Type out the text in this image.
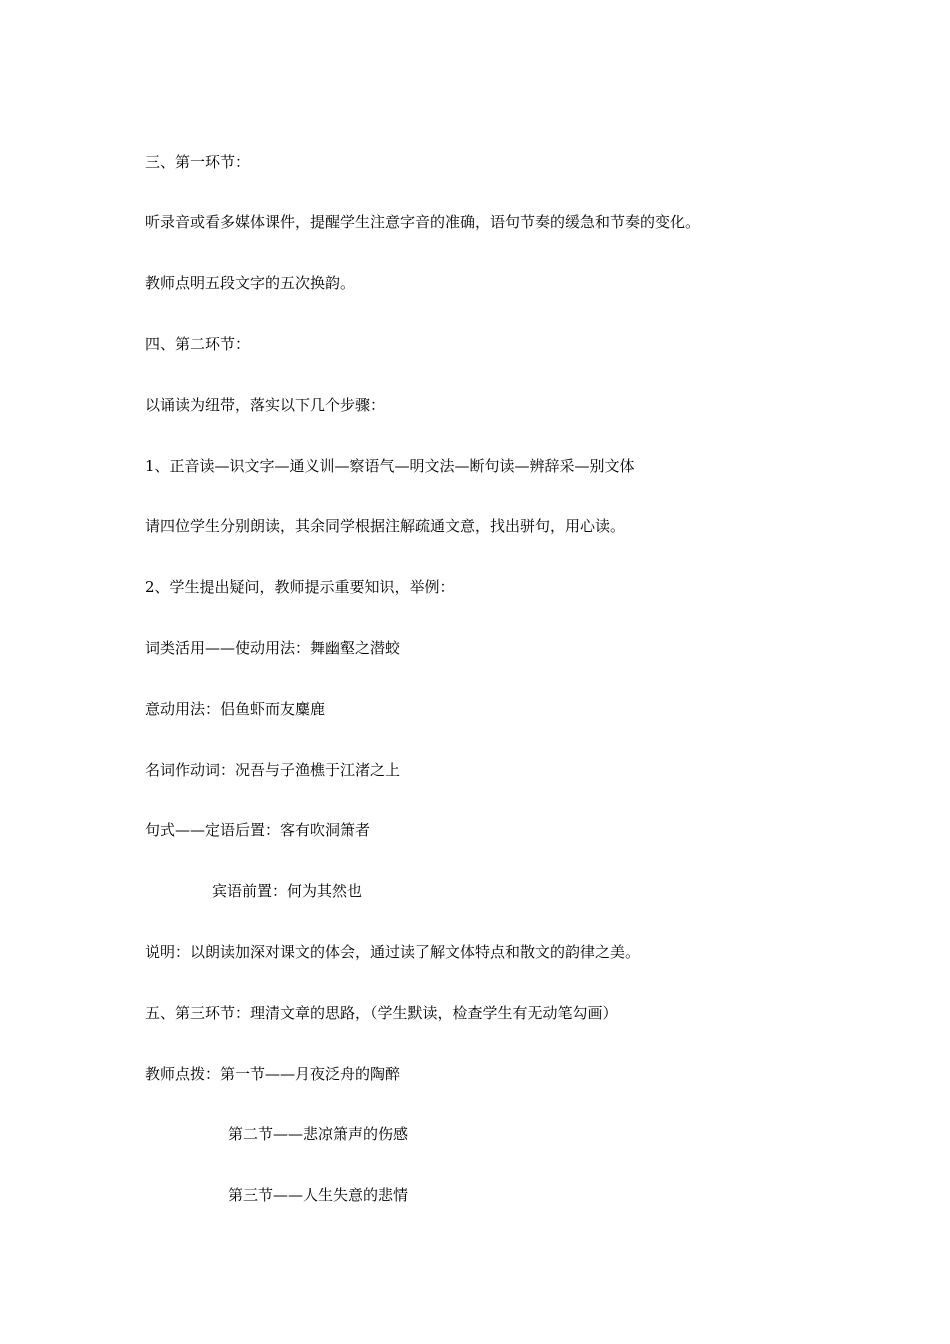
三、第一环节：
听录音或看多媒体课件，提醒学生注意字音的准确，语句节奏的缓急和节奏的变化。
教师点明五段文字的五次换韵。
四、第二环节：
以诵读为纽带，落实以下几个步骤：
1、正音读—识文字—通义训—察语气—明文法—断句读—辨辞采—别文体
请四位学生分别朗读，其余同学根据注解疏通文意，找出骈句，用心读。
2、学生提出疑问，教师提示重要知识，举例：
词类活用——使动用法：舞幽壑之潜蛟
意动用法：侣鱼虾而友麋鹿
名词作动词：况吾与子渔樵于江渚之上
句式——定语后置：客有吹洞箫者
宾语前置：何为其然也
说明：以朗读加深对课文的体会，通过读了解文体特点和散文的韵律之美。
五、第三环节：理清文章的思路，（学生默读，检查学生有无动笔勾画）
教师点拨：第一节——月夜泛舟的陶醉
第二节——悲凉箫声的伤感
第三节——人生失意的悲情
